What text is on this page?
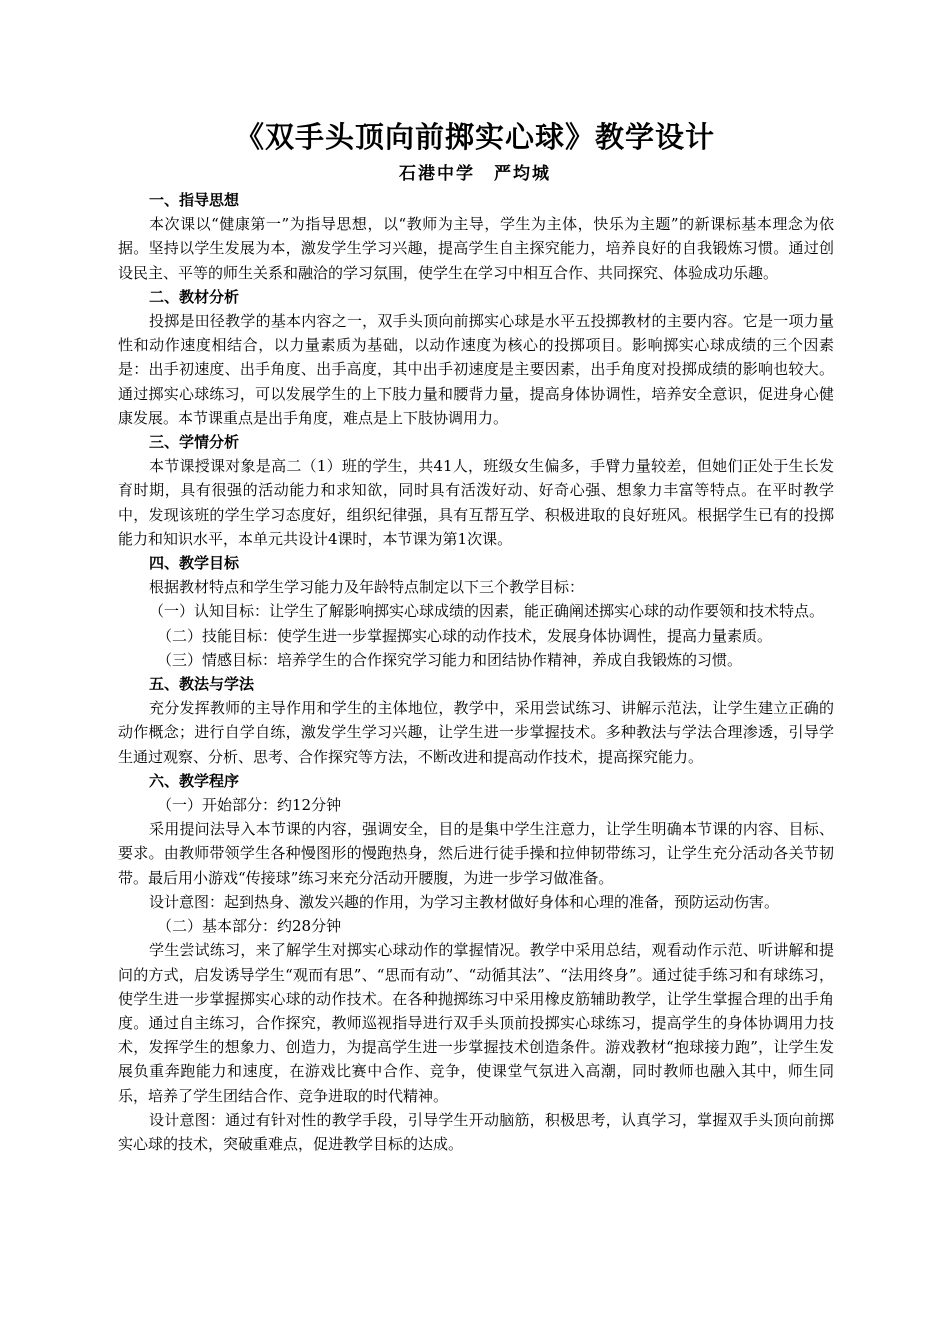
《双手头顶向前掷实心球》教学设计
石港中学　严均城

一、指导思想

本次课以“健康第一”为指导思想，以“教师为主导，学生为主体，快乐为主题”的新课标基本理念为依据。坚持以学生发展为本，激发学生学习兴趣，提高学生自主探究能力，培养良好的自我锻炼习惯。通过创设民主、平等的师生关系和融洽的学习氛围，使学生在学习中相互合作、共同探究、体验成功乐趣。

二、教材分析

投掷是田径教学的基本内容之一，双手头顶向前掷实心球是水平五投掷教材的主要内容。它是一项力量性和动作速度相结合，以力量素质为基础，以动作速度为核心的投掷项目。影响掷实心球成绩的三个因素是：出手初速度、出手角度、出手高度，其中出手初速度是主要因素，出手角度对投掷成绩的影响也较大。通过掷实心球练习，可以发展学生的上下肢力量和腰背力量，提高身体协调性，培养安全意识，促进身心健康发展。本节课重点是出手角度，难点是上下肢协调用力。

三、学情分析

本节课授课对象是高二（1）班的学生，共41人，班级女生偏多，手臂力量较差，但她们正处于生长发育时期，具有很强的活动能力和求知欲，同时具有活泼好动、好奇心强、想象力丰富等特点。在平时教学中，发现该班的学生学习态度好，组织纪律强，具有互帮互学、积极进取的良好班风。根据学生已有的投掷能力和知识水平，本单元共设计4课时，本节课为第1次课。

四、教学目标

根据教材特点和学生学习能力及年龄特点制定以下三个教学目标：

（一）认知目标：让学生了解影响掷实心球成绩的因素，能正确阐述掷实心球的动作要领和技术特点。

（二）技能目标：使学生进一步掌握掷实心球的动作技术，发展身体协调性，提高力量素质。

（三）情感目标：培养学生的合作探究学习能力和团结协作精神，养成自我锻炼的习惯。

五、教法与学法

充分发挥教师的主导作用和学生的主体地位，教学中，采用尝试练习、讲解示范法，让学生建立正确的动作概念；进行自学自练，激发学生学习兴趣，让学生进一步掌握技术。多种教法与学法合理渗透，引导学生通过观察、分析、思考、合作探究等方法，不断改进和提高动作技术，提高探究能力。

六、教学程序

（一）开始部分：约12分钟

采用提问法导入本节课的内容，强调安全，目的是集中学生注意力，让学生明确本节课的内容、目标、要求。由教师带领学生各种慢图形的慢跑热身，然后进行徒手操和拉伸韧带练习，让学生充分活动各关节韧带。最后用小游戏“传接球”练习来充分活动开腰腹，为进一步学习做准备。

设计意图：起到热身、激发兴趣的作用，为学习主教材做好身体和心理的准备，预防运动伤害。

（二）基本部分：约28分钟

学生尝试练习，来了解学生对掷实心球动作的掌握情况。教学中采用总结，观看动作示范、听讲解和提问的方式，启发诱导学生“观而有思”、“思而有动”、“动循其法”、“法用终身”。通过徒手练习和有球练习，使学生进一步掌握掷实心球的动作技术。在各种抛掷练习中采用橡皮筋辅助教学，让学生掌握合理的出手角度。通过自主练习，合作探究，教师巡视指导进行双手头顶前投掷实心球练习，提高学生的身体协调用力技术，发挥学生的想象力、创造力，为提高学生进一步掌握技术创造条件。游戏教材“抱球接力跑”，让学生发展负重奔跑能力和速度，在游戏比赛中合作、竞争，使课堂气氛进入高潮，同时教师也融入其中，师生同乐，培养了学生团结合作、竞争进取的时代精神。

设计意图：通过有针对性的教学手段，引导学生开动脑筋，积极思考，认真学习，掌握双手头顶向前掷实心球的技术，突破重难点，促进教学目标的达成。
